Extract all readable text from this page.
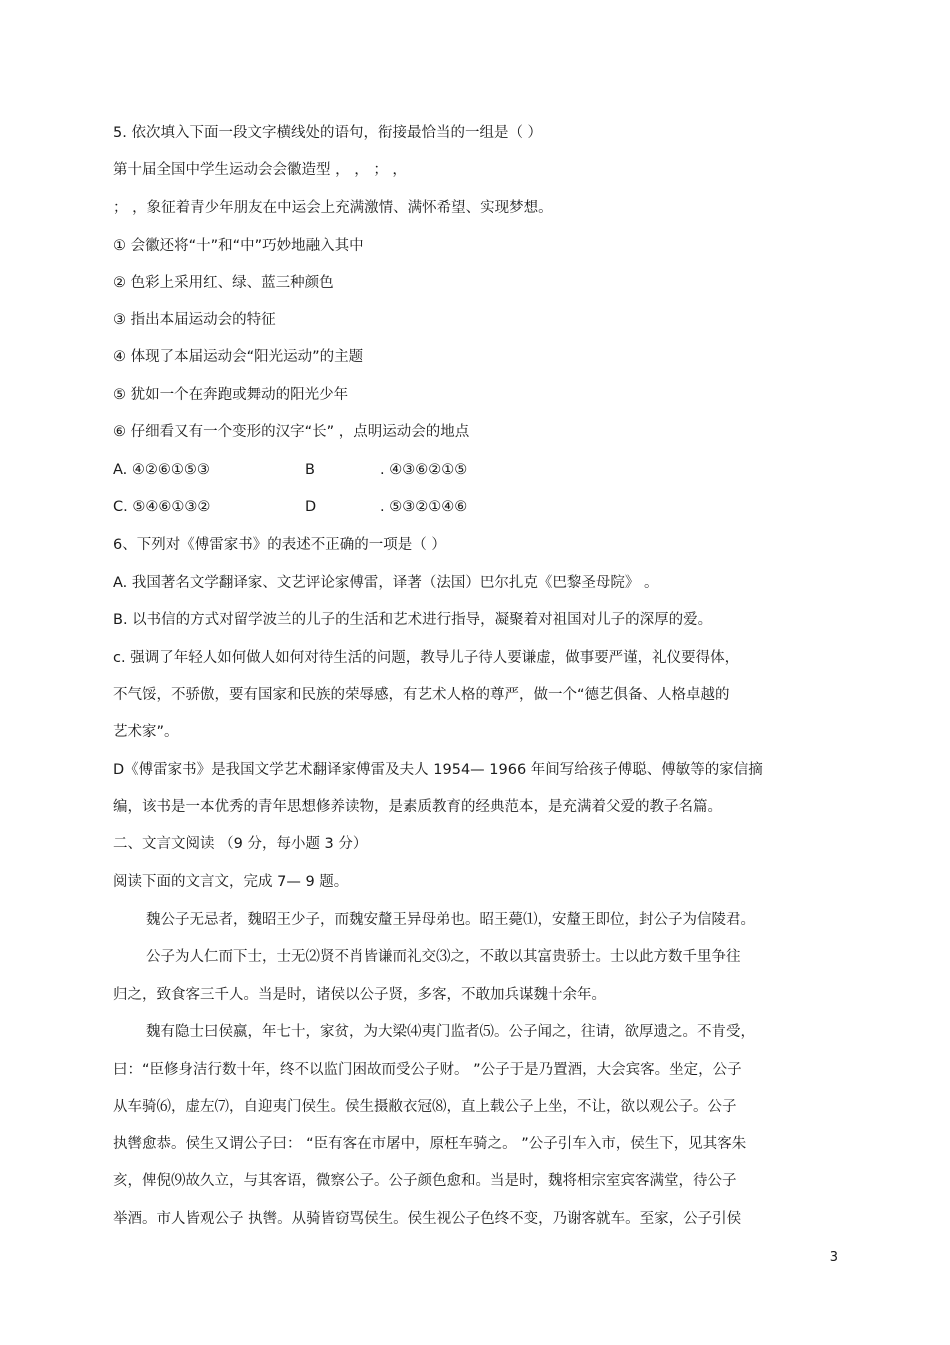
5. 依次填入下面一段文字横线处的语句，衔接最恰当的一组是（ ）
第十届全国中学生运动会会徽造型 ， ， ； ，
； ，象征着青少年朋友在中运会上充满激情、满怀希望、实现梦想。
① 会徽还将“十”和“中”巧妙地融入其中
② 色彩上采用红、绿、蓝三种颜色
③ 指出本届运动会的特征
④ 体现了本届运动会“阳光运动”的主题
⑤ 犹如一个在奔跑或舞动的阳光少年
⑥ 仔细看又有一个变形的汉字“长” ，点明运动会的地点
A. ④②⑥①⑤③	B	. ④③⑥②①⑤
C. ⑤④⑥①③②	D	. ⑤③②①④⑥
6、下列对《傅雷家书》的表述不正确的一项是（ ）
A. 我国著名文学翻译家、文艺评论家傅雷，译著（法国）巴尔扎克《巴黎圣母院》 。
B. 以书信的方式对留学波兰的儿子的生活和艺术进行指导，凝聚着对祖国对儿子的深厚的爱。
c. 强调了年轻人如何做人如何对待生活的问题，教导儿子待人要谦虚，做事要严谨，礼仪要得体，
不气馁，不骄傲，要有国家和民族的荣辱感，有艺术人格的尊严，做一个“德艺俱备、人格卓越的
艺术家”。
D《傅雷家书》是我国文学艺术翻译家傅雷及夫人 1954— 1966 年间写给孩子傅聪、傅敏等的家信摘
编，该书是一本优秀的青年思想修养读物，是素质教育的经典范本，是充满着父爱的教子名篇。
二、文言文阅读 （9 分，每小题 3 分）
阅读下面的文言文，完成 7— 9 题。
魏公子无忌者，魏昭王少子，而魏安釐王异母弟也。昭王薨⑴，安釐王即位，封公子为信陵君。
公子为人仁而下士，士无⑵贤不肖皆谦而礼交⑶之，不敢以其富贵骄士。士以此方数千里争往
归之，致食客三千人。当是时，诸侯以公子贤，多客，不敢加兵谋魏十余年。
魏有隐士曰侯嬴，年七十，家贫，为大梁⑷夷门监者⑸。公子闻之，往请，欲厚遗之。不肯受，
曰：“臣修身洁行数十年，终不以监门困故而受公子财。 ”公子于是乃置酒，大会宾客。坐定，公子
从车骑⑹，虚左⑺，自迎夷门侯生。侯生摄敝衣冠⑻，直上载公子上坐，不让，欲以观公子。公子
执辔愈恭。侯生又谓公子曰： “臣有客在市屠中，原枉车骑之。 ”公子引车入市，侯生下，见其客朱
亥，俾倪⑼故久立，与其客语，微察公子。公子颜色愈和。当是时，魏将相宗室宾客满堂，待公子
举酒。市人皆观公子 执辔。从骑皆窃骂侯生。侯生视公子色终不变，乃谢客就车。至家，公子引侯
3
